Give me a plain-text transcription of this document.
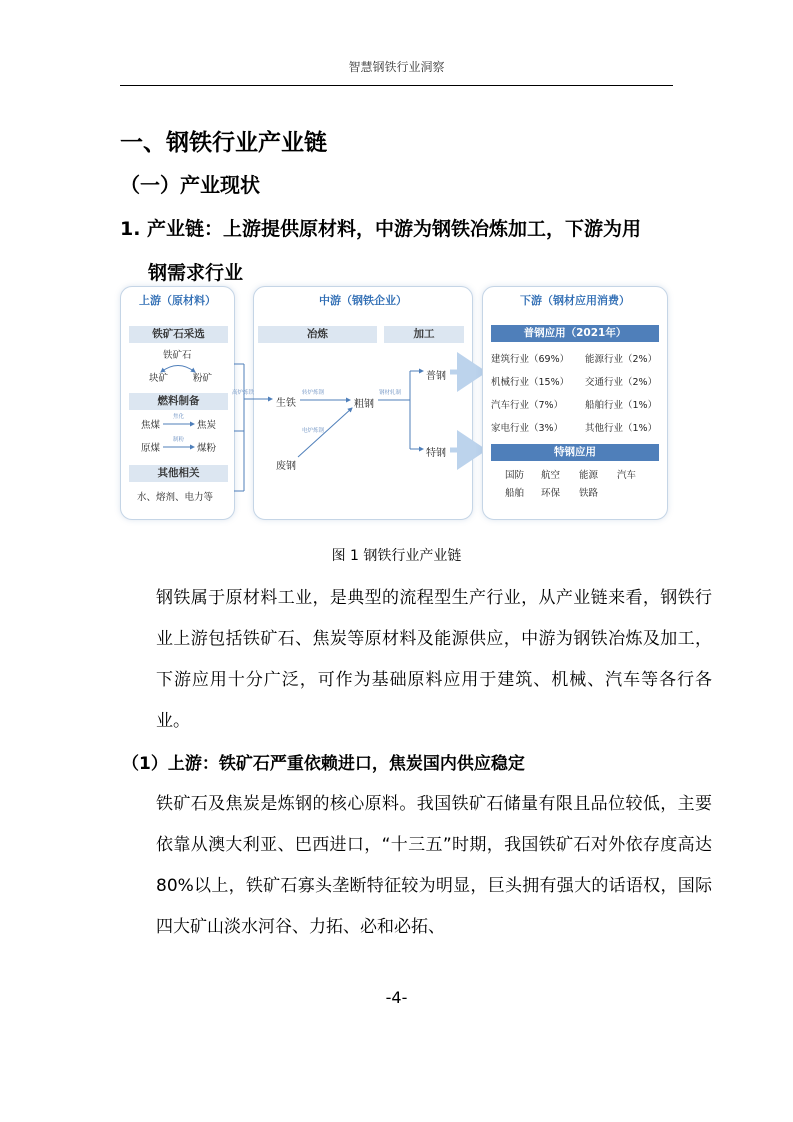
智慧钢铁行业洞察
一、钢铁行业产业链
（一）产业现状
1. 产业链：上游提供原材料，中游为钢铁冶炼加工，下游为用
钢需求行业
上游（原材料）
铁矿石采选
铁矿石
块矿	粉矿
燃料制备
焦煤
焦化
焦炭
原煤
制粉
煤粉
其他相关
水、熔剂、电力等
中游（钢铁企业）
冶炼	加工
生铁	粗钢
废钢
普钢
特钢
高炉炼铁	转炉炼钢
电炉炼钢
钢材轧制
下游（钢材应用消费）
普钢应用（2021年）
建筑行业（69%） 能源行业（2%）
机械行业（15%） 交通行业（2%）
汽车行业（7%） 船舶行业（1%）
家电行业（3%） 其他行业（1%）
特钢应用
国防 航空 能源 汽车
船舶 环保 铁路
图 1 钢铁行业产业链
钢铁属于原材料工业，是典型的流程型生产行业，从产业链来看，钢铁行业上游包括铁矿石、焦炭等原材料及能源供应，中游为钢铁冶炼及加工，下游应用十分广泛，可作为基础原料应用于建筑、机械、汽车等各行各业。
（1）上游：铁矿石严重依赖进口，焦炭国内供应稳定
铁矿石及焦炭是炼钢的核心原料。我国铁矿石储量有限且品位较低，主要依靠从澳大利亚、巴西进口，“十三五”时期，我国铁矿石对外依存度高达 80%以上，铁矿石寡头垄断特征较为明显，巨头拥有强大的话语权，国际四大矿山淡水河谷、力拓、必和必拓、
-4-
